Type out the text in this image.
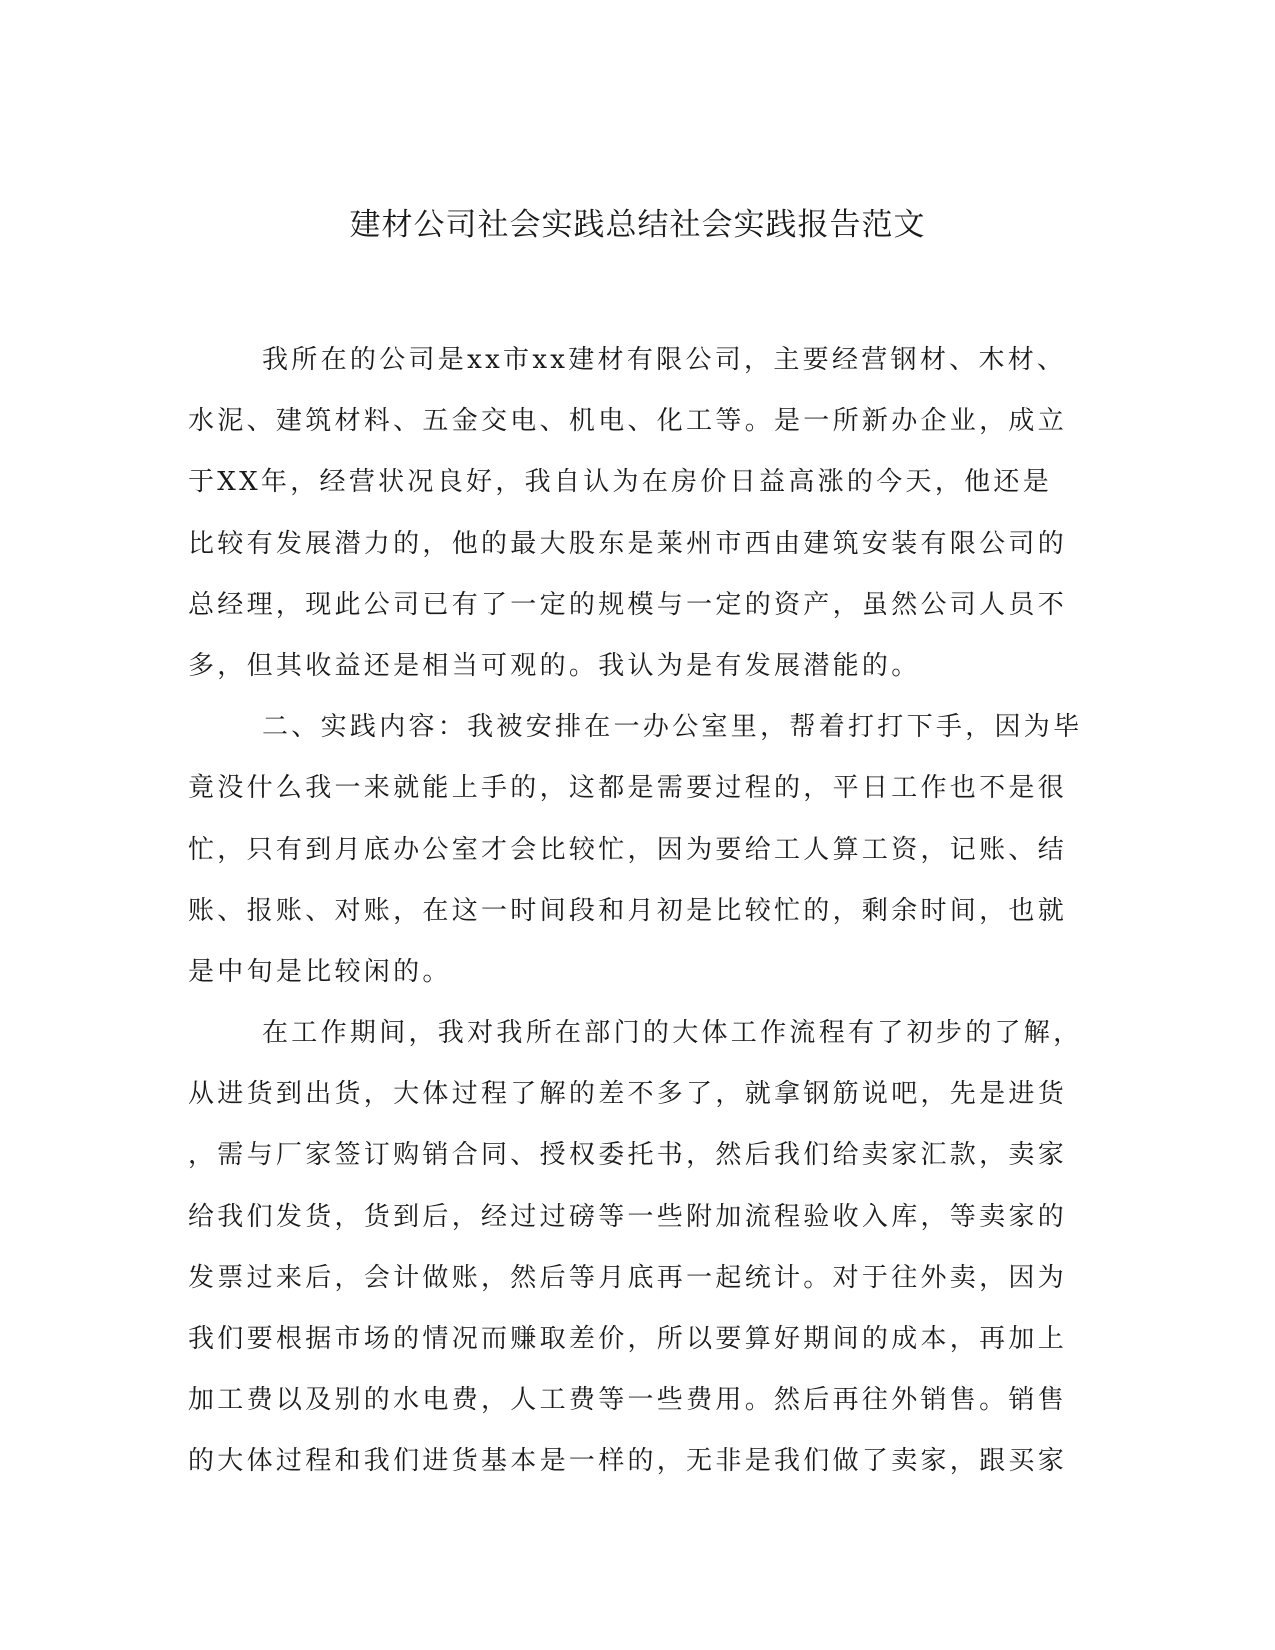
建材公司社会实践总结社会实践报告范文
我所在的公司是xx市xx建材有限公司，主要经营钢材、木材、
水泥、建筑材料、五金交电、机电、化工等。是一所新办企业，成立
于XX年，经营状况良好，我自认为在房价日益高涨的今天，他还是
比较有发展潜力的，他的最大股东是莱州市西由建筑安装有限公司的
总经理，现此公司已有了一定的规模与一定的资产，虽然公司人员不
多，但其收益还是相当可观的。我认为是有发展潜能的。
二、实践内容：我被安排在一办公室里，帮着打打下手，因为毕
竟没什么我一来就能上手的，这都是需要过程的，平日工作也不是很
忙，只有到月底办公室才会比较忙，因为要给工人算工资，记账、结
账、报账、对账，在这一时间段和月初是比较忙的，剩余时间，也就
是中旬是比较闲的。
在工作期间，我对我所在部门的大体工作流程有了初步的了解，
从进货到出货，大体过程了解的差不多了，就拿钢筋说吧，先是进货
，需与厂家签订购销合同、授权委托书，然后我们给卖家汇款，卖家
给我们发货，货到后，经过过磅等一些附加流程验收入库，等卖家的
发票过来后，会计做账，然后等月底再一起统计。对于往外卖，因为
我们要根据市场的情况而赚取差价，所以要算好期间的成本，再加上
加工费以及别的水电费，人工费等一些费用。然后再往外销售。销售
的大体过程和我们进货基本是一样的，无非是我们做了卖家，跟买家
